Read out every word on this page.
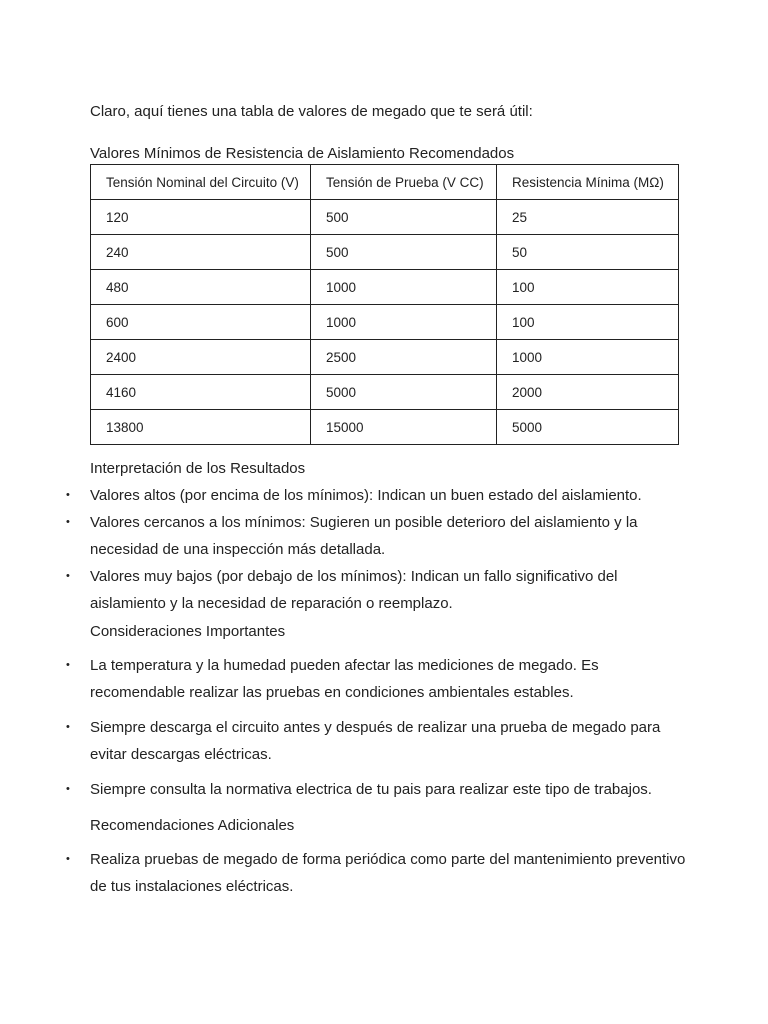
Claro, aquí tienes una tabla de valores de megado que te será útil:
Valores Mínimos de Resistencia de Aislamiento Recomendados
Tensión Nominal del Circuito (V)	Tensión de Prueba (V CC)	Resistencia Mínima (MΩ)
120	500	25
240	500	50
480	1000	100
600	1000	100
2400	2500	1000
4160	5000	2000
13800	15000	5000
Interpretación de los Resultados
• Valores altos (por encima de los mínimos): Indican un buen estado del aislamiento.
• Valores cercanos a los mínimos: Sugieren un posible deterioro del aislamiento y la necesidad de una inspección más detallada.
• Valores muy bajos (por debajo de los mínimos): Indican un fallo significativo del aislamiento y la necesidad de reparación o reemplazo.
Consideraciones Importantes
• La temperatura y la humedad pueden afectar las mediciones de megado. Es recomendable realizar las pruebas en condiciones ambientales estables.
• Siempre descarga el circuito antes y después de realizar una prueba de megado para evitar descargas eléctricas.
• Siempre consulta la normativa electrica de tu pais para realizar este tipo de trabajos.
Recomendaciones Adicionales
• Realiza pruebas de megado de forma periódica como parte del mantenimiento preventivo de tus instalaciones eléctricas.
